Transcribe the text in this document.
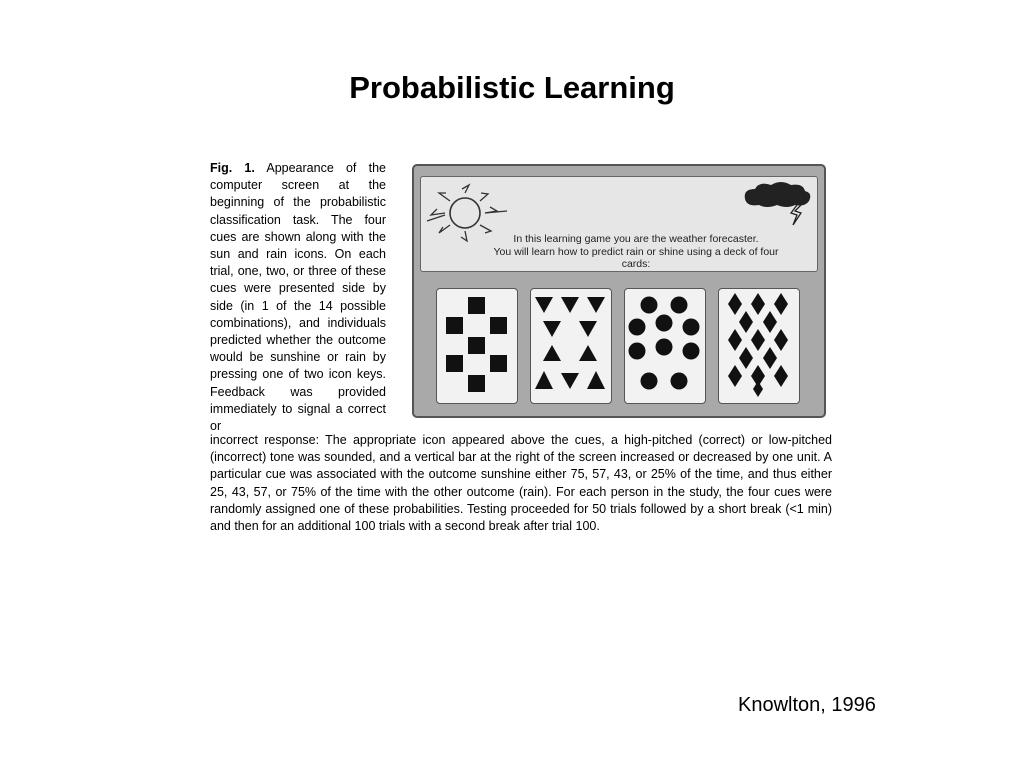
Probabilistic Learning
Fig. 1. Appearance of the computer screen at the beginning of the probabilistic classification task. The four cues are shown along with the sun and rain icons. On each trial, one, two, or three of these cues were presented side by side (in 1 of the 14 possible combinations), and individuals predicted whether the outcome would be sunshine or rain by pressing one of two icon keys. Feedback was provided immediately to signal a correct or
In this learning game you are the weather forecaster.
You will learn how to predict rain or shine using a deck of four cards:
incorrect response: The appropriate icon appeared above the cues, a high-pitched (correct) or low-pitched (incorrect) tone was sounded, and a vertical bar at the right of the screen increased or decreased by one unit. A particular cue was associated with the outcome sunshine either 75, 57, 43, or 25% of the time, and thus either 25, 43, 57, or 75% of the time with the other outcome (rain). For each person in the study, the four cues were randomly assigned one of these probabilities. Testing proceeded for 50 trials followed by a short break (<1 min) and then for an additional 100 trials with a second break after trial 100.
Knowlton, 1996
